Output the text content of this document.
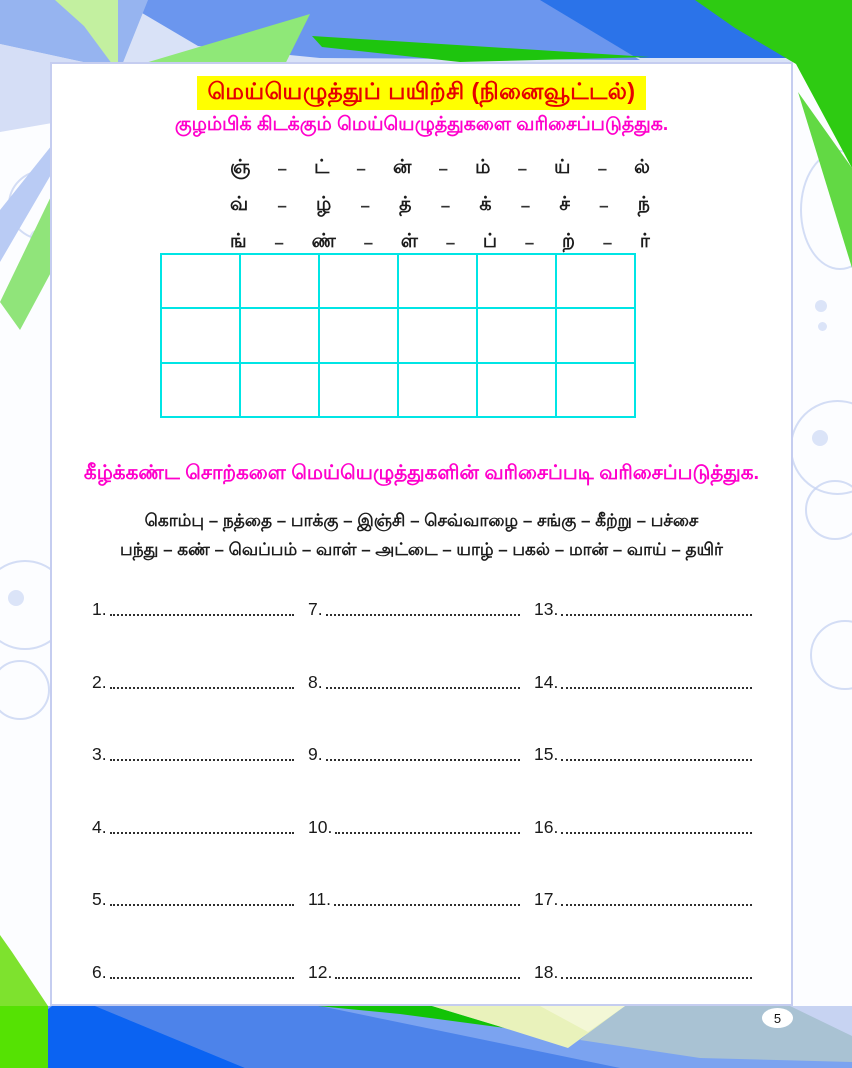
மெய்யெழுத்துப் பயிற்சி (நினைவூட்டல்)
குழம்பிக் கிடக்கும் மெய்யெழுத்துகளை வரிசைப்படுத்துக.
ஞ் – ட் – ன் – ம் – ய் – ல்
வ் – ழ் – த் – க் – ச் – ந்
ங் – ண் – ள் – ப் – ற் – ர்
கீழ்க்கண்ட சொற்களை மெய்யெழுத்துகளின் வரிசைப்படி வரிசைப்படுத்துக.
கொம்பு – நத்தை – பாக்கு – இஞ்சி – செவ்வாழை – சங்கு – கீற்று – பச்சை
பந்து – கண் – வெப்பம் – வாள் – அட்டை – யாழ் – பகல் – மான் – வாய் – தயிர்
1.
2.
3.
4.
5.
6.
7.
8.
9.
10.
11.
12.
13.
14.
15.
16.
17.
18.
5
